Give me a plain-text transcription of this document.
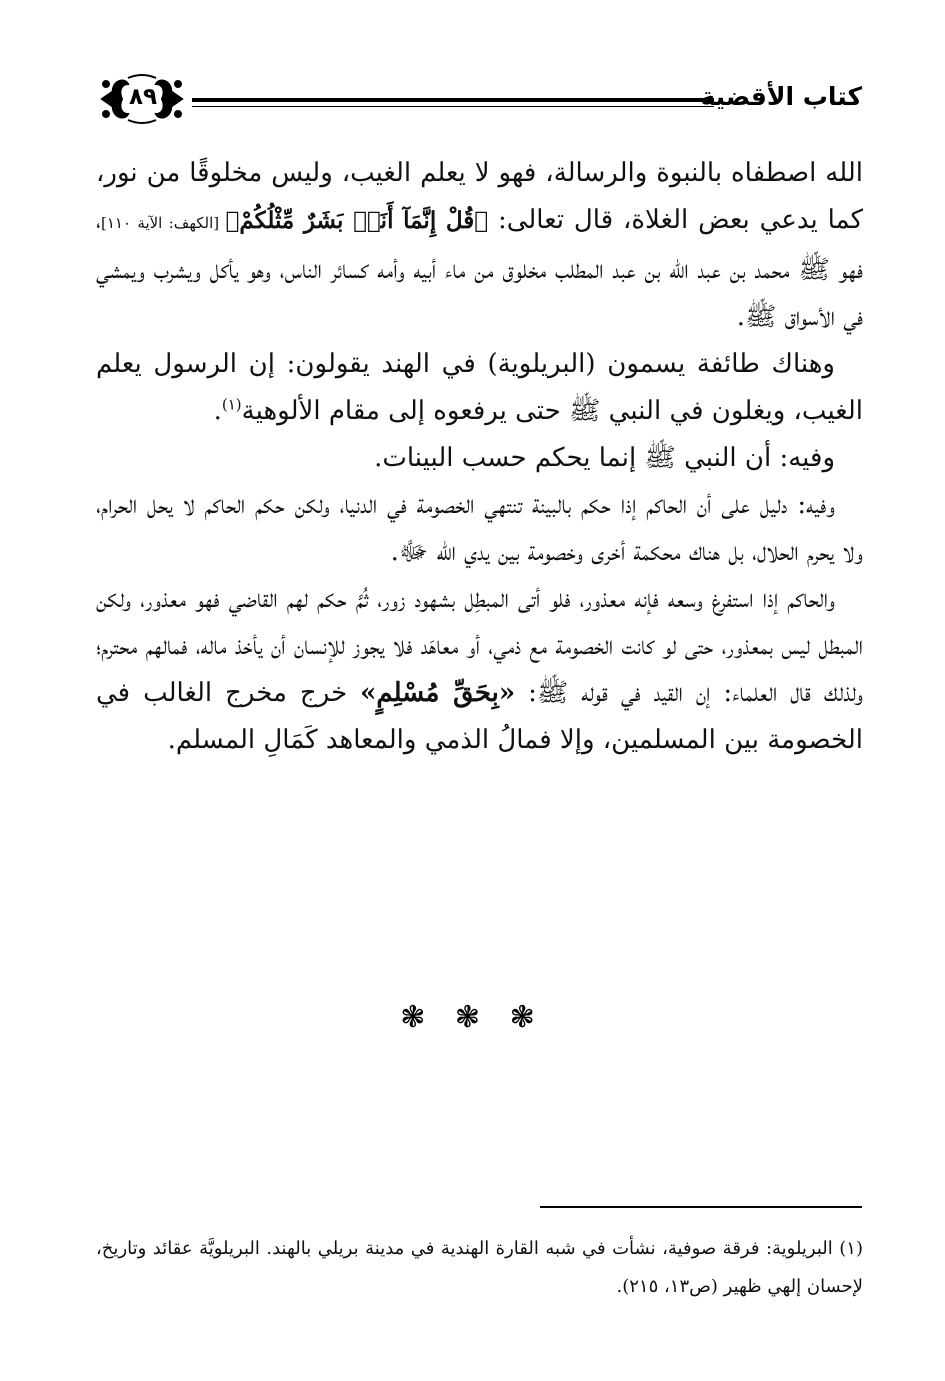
كتاب الأقضية
٨٩

الله اصطفاه بالنبوة والرسالة، فهو لا يعلم الغيب، وليس مخلوقًا من نور، كما يدعي بعض الغلاة، قال تعالى: ﴿قُلْ إِنَّمَآ أَنَا۠ بَشَرٌ مِّثْلُكُمْ﴾ [الكهف: الآية ١١٠]، فهو ﷺ محمد بن عبد الله بن عبد المطلب مخلوق من ماء أبيه وأمه كسائر الناس، وهو يأكل ويشرب ويمشي في الأسواق ﷺ.

وهناك طائفة يسمون (البريلوية) في الهند يقولون: إن الرسول يعلم الغيب، ويغلون في النبي ﷺ حتى يرفعوه إلى مقام الألوهية$^{(١)}$.

وفيه: أن النبي ﷺ إنما يحكم حسب البينات.

وفيه: دليل على أن الحاكم إذا حكم بالبينة تنتهي الخصومة في الدنيا، ولكن حكم الحاكم لا يحل الحرام، ولا يحرم الحلال، بل هناك محكمة أخرى وخصومة بين يدي الله ﷻ.

والحاكم إذا استفرغ وسعه فإنه معذور، فلو أتى المبطِل بشهود زور، ثُمَّ حكم لهم القاضي فهو معذور، ولكن المبطل ليس بمعذور، حتى لو كانت الخصومة مع ذمي، أو معاهَد فلا يجوز للإنسان أن يأخذ ماله، فمالهم محترم؛ ولذلك قال العلماء: إن القيد في قوله ﷺ: «بِحَقِّ مُسْلِمٍ» خرج مخرج الغالب في الخصومة بين المسلمين، وإلا فمالُ الذمي والمعاهد كَمَالِ المسلم.

❃ ❃ ❃

(١) البريلوية: فرقة صوفية، نشأت في شبه القارة الهندية في مدينة بريلي بالهند. البريلويَّة عقائد وتاريخ، لإحسان إلهي ظهير (ص١٣، ٢١٥).
